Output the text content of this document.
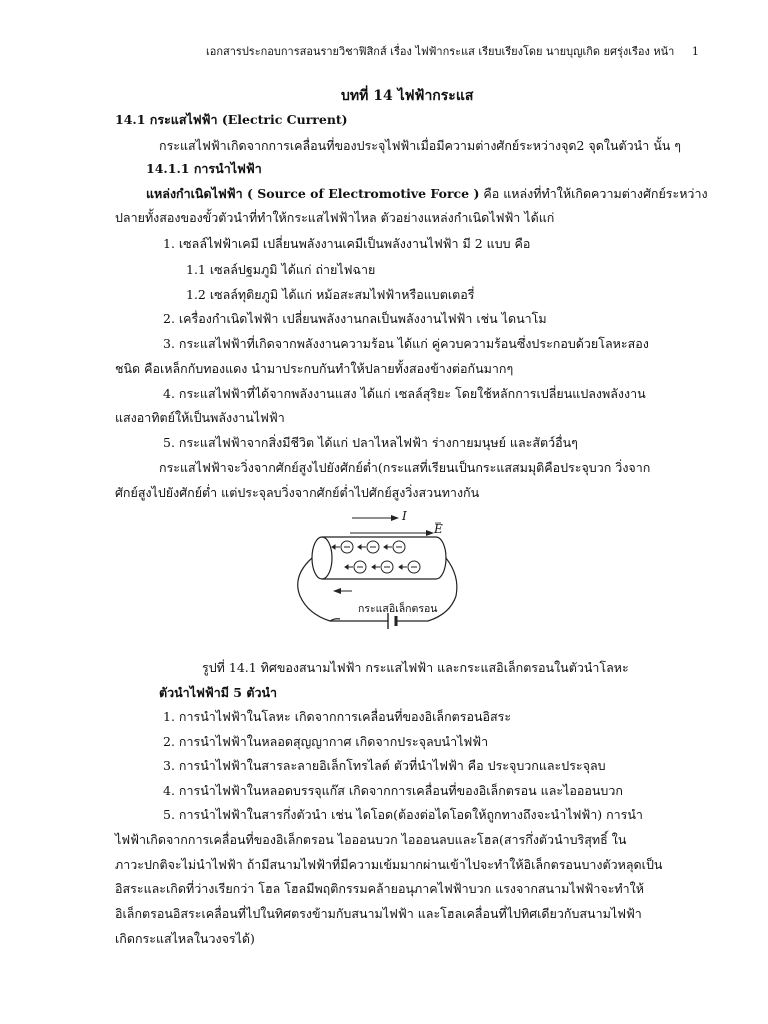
เอกสารประกอบการสอนรายวิชาฟิสิกส์ เรื่อง ไฟฟ้ากระแส เรียบเรียงโดย นายบุญเกิด ยศรุ่งเรือง หน้า 1
บทที่ 14 ไฟฟ้ากระแส
14.1 กระแสไฟฟ้า (Electric Current)
กระแสไฟฟ้าเกิดจากการเคลื่อนที่ของประจุไฟฟ้าเมื่อมีความต่างศักย์ระหว่างจุด2 จุดในตัวนำ นั้น ๆ
14.1.1 การนำไฟฟ้า
แหล่งกำเนิดไฟฟ้า ( Source of Electromotive Force ) คือ แหล่งที่ทำให้เกิดความต่างศักย์ระหว่าง
ปลายทั้งสองของขั้วตัวนำที่ทำให้กระแสไฟฟ้าไหล ตัวอย่างแหล่งกำเนิดไฟฟ้า ได้แก่
1. เซลล์ไฟฟ้าเคมี เปลี่ยนพลังงานเคมีเป็นพลังงานไฟฟ้า มี 2 แบบ คือ
1.1 เซลล์ปฐมภูมิ ได้แก่ ถ่ายไฟฉาย
1.2 เซลล์ทุติยภูมิ ได้แก่ หม้อสะสมไฟฟ้าหรือแบตเตอรี่
2. เครื่องกำเนิดไฟฟ้า เปลี่ยนพลังงานกลเป็นพลังงานไฟฟ้า เช่น ไดนาโม
3. กระแสไฟฟ้าที่เกิดจากพลังงานความร้อน ได้แก่ คู่ควบความร้อนซึ่งประกอบด้วยโลหะสอง
ชนิด คือเหล็กกับทองแดง นำมาประกบกันทำให้ปลายทั้งสองข้างต่อกันมากๆ
4. กระแสไฟฟ้าที่ได้จากพลังงานแสง ได้แก่ เซลล์สุริยะ โดยใช้หลักการเปลี่ยนแปลงพลังงาน
แสงอาทิตย์ให้เป็นพลังงานไฟฟ้า
5. กระแสไฟฟ้าจากสิ่งมีชีวิต ได้แก่ ปลาไหลไฟฟ้า ร่างกายมนุษย์ และสัตว์อื่นๆ
กระแสไฟฟ้าจะวิ่งจากศักย์สูงไปยังศักย์ต่ำ(กระแสที่เรียนเป็นกระแสสมมุติคือประจุบวก วิ่งจาก
ศักย์สูงไปยังศักย์ต่ำ แต่ประจุลบวิ่งจากศักย์ต่ำไปศักย์สูงวิ่งสวนทางกัน
I
E
กระแสอิเล็กตรอน
รูปที่ 14.1 ทิศของสนามไฟฟ้า กระแสไฟฟ้า และกระแสอิเล็กตรอนในตัวนำโลหะ
ตัวนำไฟฟ้ามี 5 ตัวนำ
1. การนำไฟฟ้าในโลหะ เกิดจากการเคลื่อนที่ของอิเล็กตรอนอิสระ
2. การนำไฟฟ้าในหลอดสุญญากาศ เกิดจากประจุลบนำไฟฟ้า
3. การนำไฟฟ้าในสารละลายอิเล็กโทรไลต์ ตัวที่นำไฟฟ้า คือ ประจุบวกและประจุลบ
4. การนำไฟฟ้าในหลอดบรรจุแก๊ส เกิดจากการเคลื่อนที่ของอิเล็กตรอน และไอออนบวก
5. การนำไฟฟ้าในสารกึ่งตัวนำ เช่น ไดโอด(ต้องต่อไดโอดให้ถูกทางถึงจะนำไฟฟ้า) การนำ
ไฟฟ้าเกิดจากการเคลื่อนที่ของอิเล็กตรอน ไอออนบวก ไอออนลบและโฮล(สารกึ่งตัวนำบริสุทธิ์ ใน
ภาวะปกติจะไม่นำไฟฟ้า ถ้ามีสนามไฟฟ้าที่มีความเข้มมากผ่านเข้าไปจะทำให้อิเล็กตรอนบางตัวหลุดเป็น
อิสระและเกิดที่ว่างเรียกว่า โฮล โฮลมีพฤติกรรมคล้ายอนุภาคไฟฟ้าบวก แรงจากสนามไฟฟ้าจะทำให้
อิเล็กตรอนอิสระเคลื่อนที่ไปในทิศตรงข้ามกับสนามไฟฟ้า และโฮลเคลื่อนที่ไปทิศเดียวกับสนามไฟฟ้า
เกิดกระแสไหลในวงจรได้)
